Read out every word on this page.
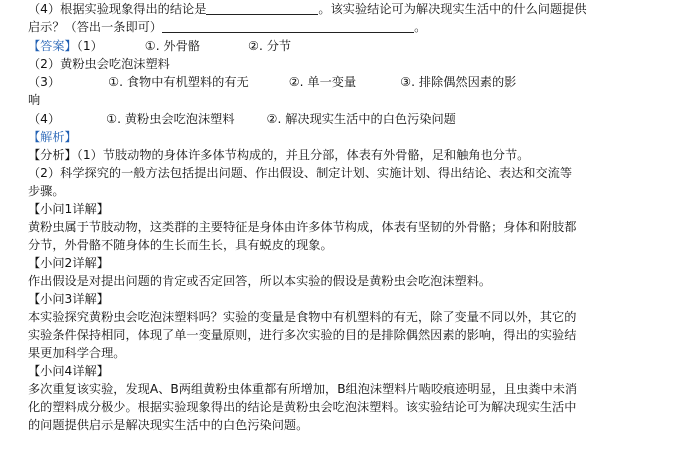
（4）根据实验现象得出的结论是	。该实验结论可为解决现实生活中的什么问题提供
启示？（答出一条即可）	。
【答案】（1）	①. 外骨骼	②. 分节
（2）黄粉虫会吃泡沫塑料
（3）	①. 食物中有机塑料的有无	②. 单一变量	③. 排除偶然因素的影
响
（4）	①. 黄粉虫会吃泡沫塑料	②. 解决现实生活中的白色污染问题
【解析】
【分析】（1）节肢动物的身体许多体节构成的，并且分部，体表有外骨骼，足和触角也分节。
（2）科学探究的一般方法包括提出问题、作出假设、制定计划、实施计划、得出结论、表达和交流等
步骤。
【小问1详解】
黄粉虫属于节肢动物，这类群的主要特征是身体由许多体节构成，体表有坚韧的外骨骼；身体和附肢都
分节，外骨骼不随身体的生长而生长，具有蜕皮的现象。
【小问2详解】
作出假设是对提出问题的肯定或否定回答，所以本实验的假设是黄粉虫会吃泡沫塑料。
【小问3详解】
本实验探究黄粉虫会吃泡沫塑料吗？实验的变量是食物中有机塑料的有无，除了变量不同以外，其它的
实验条件保持相同，体现了单一变量原则，进行多次实验的目的是排除偶然因素的影响，得出的实验结
果更加科学合理。
【小问4详解】
多次重复该实验，发现A、B两组黄粉虫体重都有所增加，B组泡沫塑料片啮咬痕迹明显，且虫粪中未消
化的塑料成分极少。根据实验现象得出的结论是黄粉虫会吃泡沫塑料。该实验结论可为解决现实生活中
的问题提供启示是解决现实生活中的白色污染问题。
